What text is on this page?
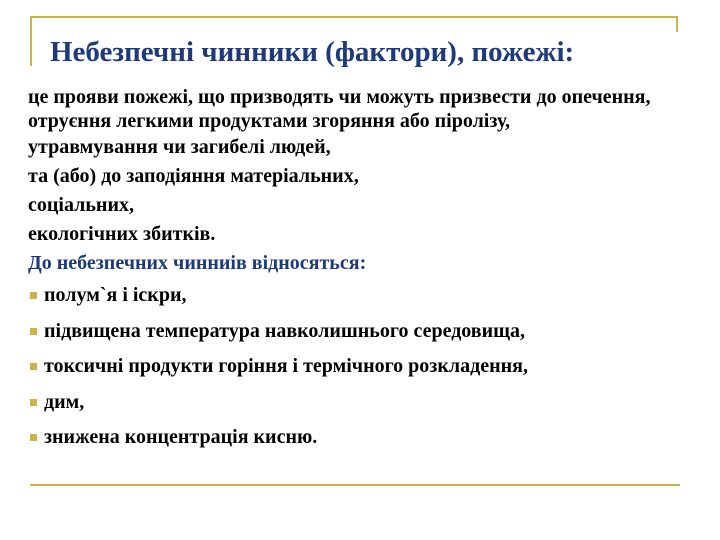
Небезпечні чинники (фактори), пожежі:

це прояви пожежі, що призводять чи можуть призвести до опечення, отруєння легкими продуктами згоряння або піролізу,

утравмування чи загибелі людей,
та (або) до заподіяння матеріальних,
соціальних,
екологічних збитків.
До небезпечних чинниів відносяться:
полум`я і іскри,
підвищена температура навколишнього середовища,
токсичні продукти горіння і термічного розкладення,
дим,
знижена концентрація кисню.
